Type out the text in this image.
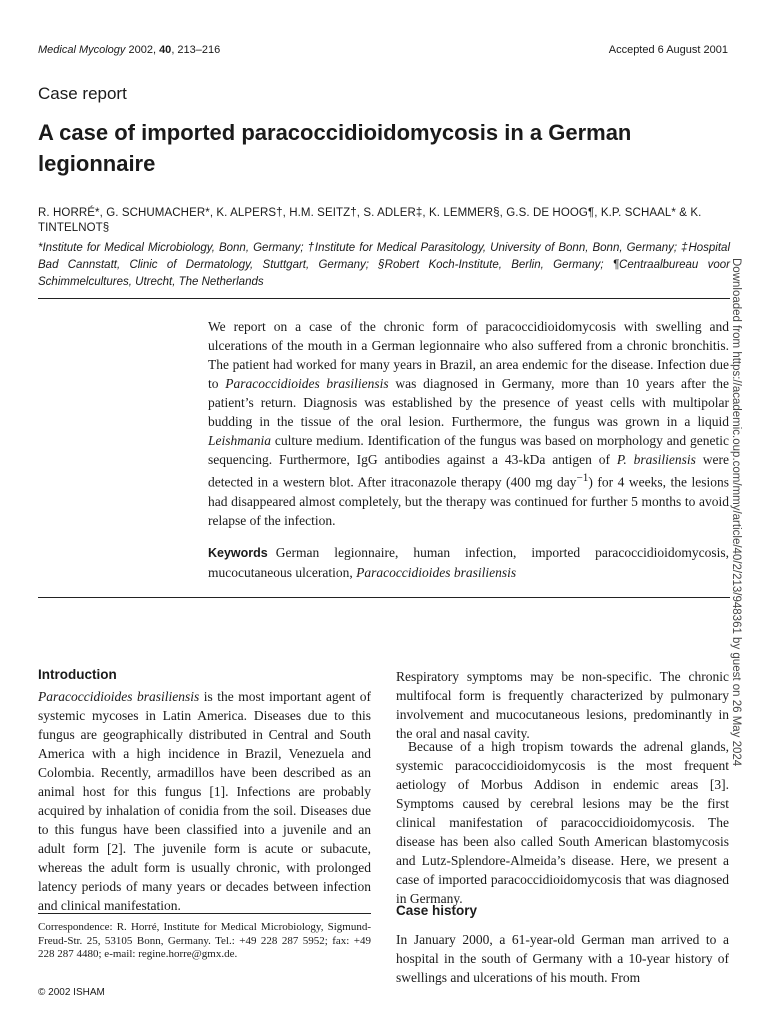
Medical Mycology 2002, 40, 213–216	Accepted 6 August 2001
Case report
A case of imported paracoccidioidomycosis in a German legionnaire
R. HORRÉ*, G. SCHUMACHER*, K. ALPERS†, H.M. SEITZ†, S. ADLER‡, K. LEMMER§, G.S. DE HOOG¶, K.P. SCHAAL* & K. TINTELNOT§
*Institute for Medical Microbiology, Bonn, Germany; †Institute for Medical Parasitology, University of Bonn, Bonn, Germany; ‡Hospital Bad Cannstatt, Clinic of Dermatology, Stuttgart, Germany; §Robert Koch-Institute, Berlin, Germany; ¶Centraalbureau voor Schimmelcultures, Utrecht, The Netherlands	Downloaded from https://academic.oup.com/mmy/article/40/2/213/948361 by guest on 26 May 2024
We report on a case of the chronic form of paracoccidioidomycosis with swelling and ulcerations of the mouth in a German legionnaire who also suffered from a chronic bronchitis. The patient had worked for many years in Brazil, an area endemic for the disease. Infection due to Paracoccidioides brasiliensis was diagnosed in Germany, more than 10 years after the patient’s return. Diagnosis was established by the presence of yeast cells with multipolar budding in the tissue of the oral lesion. Furthermore, the fungus was grown in a liquid Leishmania culture medium. Identification of the fungus was based on morphology and genetic sequencing. Furthermore, IgG antibodies against a 43-kDa antigen of P. brasiliensis were detected in a western blot. After itraconazole therapy (400 mg day$^{-1}$) for 4 weeks, the lesions had disappeared almost completely, but the therapy was continued for further 5 months to avoid relapse of the infection.
Keywords German legionnaire, human infection, imported paracoccidioidomycosis, mucocutaneous ulceration, Paracoccidioides brasiliensis
Introduction
Paracoccidioides brasiliensis is the most important agent of systemic mycoses in Latin America. Diseases due to this fungus are geographically distributed in Central and South America with a high incidence in Brazil, Venezuela and Colombia. Recently, armadillos have been described as an animal host for this fungus [1]. Infections are probably acquired by inhalation of conidia from the soil. Diseases due to this fungus have been classified into a juvenile and an adult form [2]. The juvenile form is acute or subacute, whereas the adult form is usually chronic, with prolonged latency periods of many years or decades between infection and clinical manifestation.
Respiratory symptoms may be non-specific. The chronic multifocal form is frequently characterized by pulmonary involvement and mucocutaneous lesions, predominantly in the oral and nasal cavity.
Because of a high tropism towards the adrenal glands, systemic paracoccidioidomycosis is the most frequent aetiology of Morbus Addison in endemic areas [3]. Symptoms caused by cerebral lesions may be the first clinical manifestation of paracoccidioidomycosis. The disease has been also called South American blastomycosis and Lutz-Splendore-Almeida’s disease. Here, we present a case of imported paracoccidioidomycosis that was diagnosed in Germany.
Case history
In January 2000, a 61-year-old German man arrived to a hospital in the south of Germany with a 10-year history of swellings and ulcerations of his mouth. From
Correspondence: R. Horré, Institute for Medical Microbiology, Sigmund-Freud-Str. 25, 53105 Bonn, Germany. Tel.: +49 228 287 5952; fax: +49 228 287 4480; e-mail: regine.horre@gmx.de.
© 2002 ISHAM
